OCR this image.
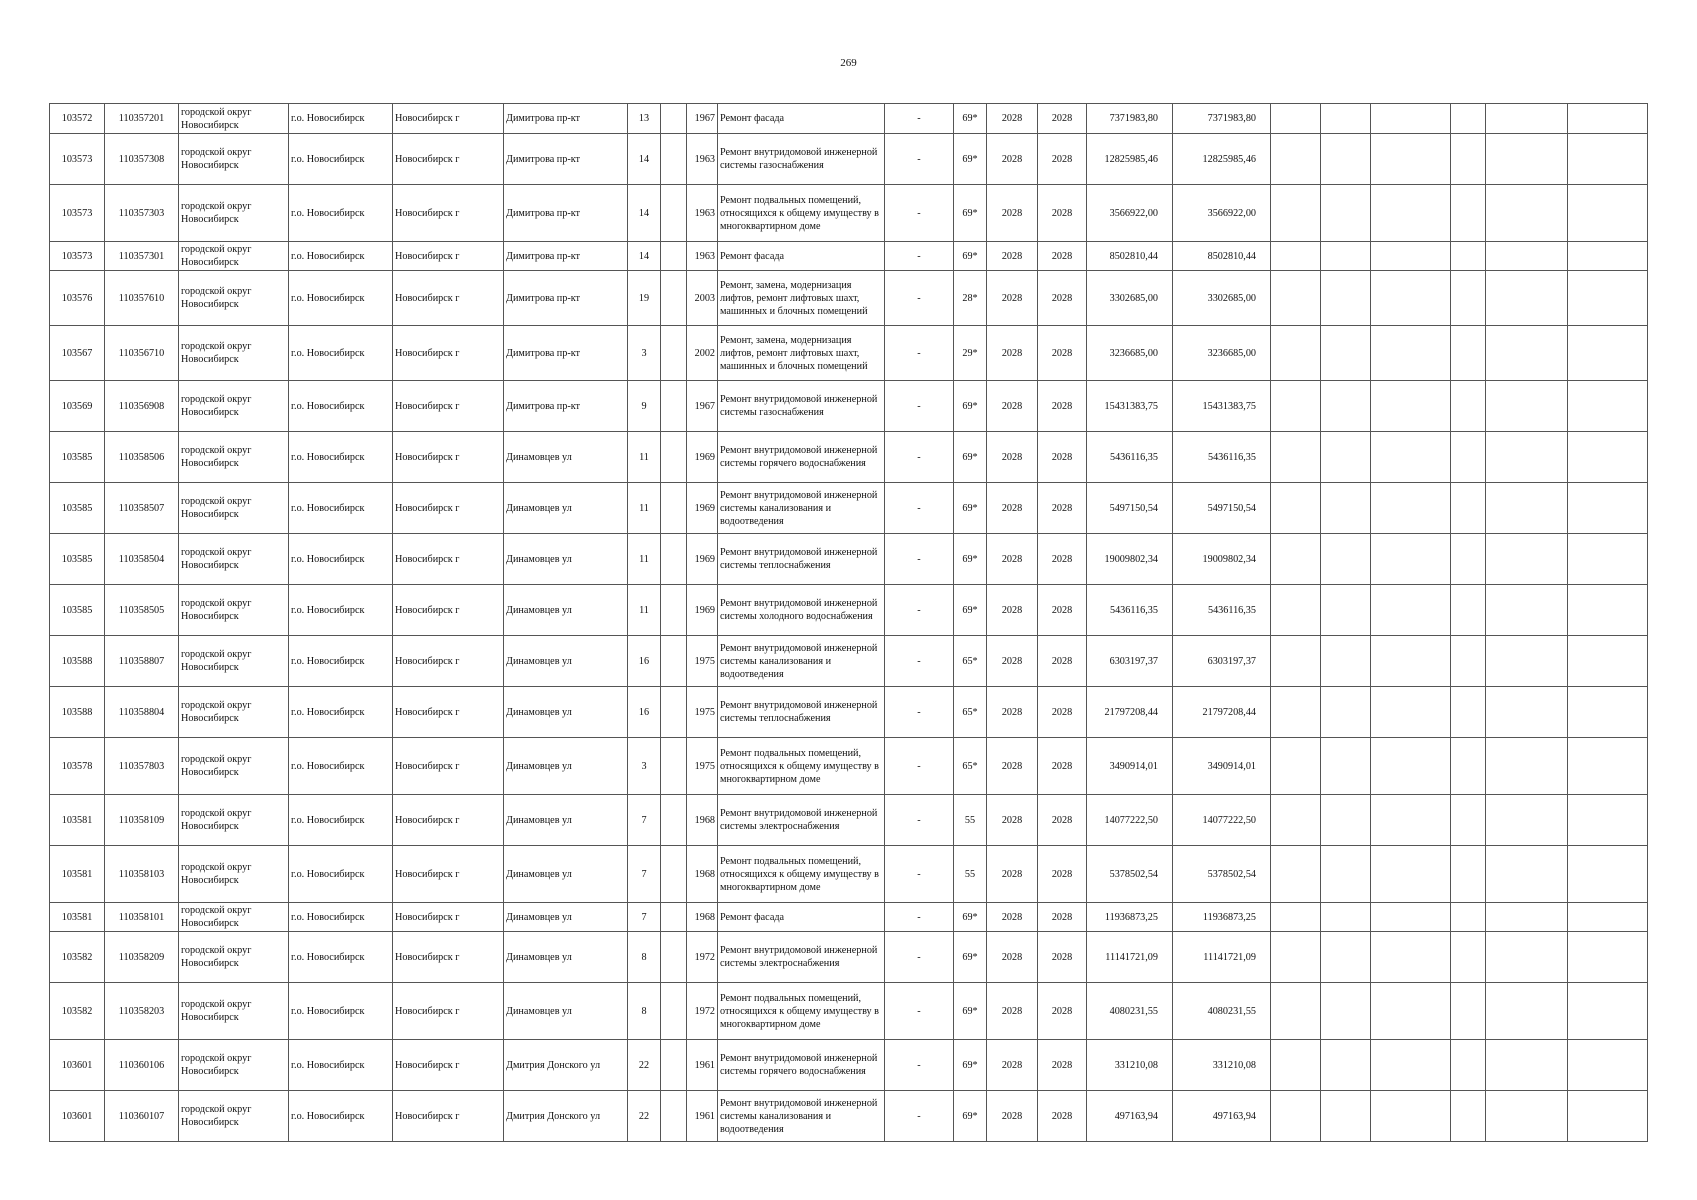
269
103572	110357201	городской округ Новосибирск	г.о. Новосибирск	Новосибирск г	Димитрова пр-кт	13		1967	Ремонт фасада	-	69*	2028	2028	7371983,80	7371983,80						
103573	110357308	городской округ Новосибирск	г.о. Новосибирск	Новосибирск г	Димитрова пр-кт	14		1963	Ремонт внутридомовой инженерной системы газоснабжения	-	69*	2028	2028	12825985,46	12825985,46						
103573	110357303	городской округ Новосибирск	г.о. Новосибирск	Новосибирск г	Димитрова пр-кт	14		1963	Ремонт подвальных помещений, относящихся к общему имуществу в многоквартирном доме	-	69*	2028	2028	3566922,00	3566922,00						
103573	110357301	городской округ Новосибирск	г.о. Новосибирск	Новосибирск г	Димитрова пр-кт	14		1963	Ремонт фасада	-	69*	2028	2028	8502810,44	8502810,44						
103576	110357610	городской округ Новосибирск	г.о. Новосибирск	Новосибирск г	Димитрова пр-кт	19		2003	Ремонт, замена, модернизация лифтов, ремонт лифтовых шахт, машинных и блочных помещений	-	28*	2028	2028	3302685,00	3302685,00						
103567	110356710	городской округ Новосибирск	г.о. Новосибирск	Новосибирск г	Димитрова пр-кт	3		2002	Ремонт, замена, модернизация лифтов, ремонт лифтовых шахт, машинных и блочных помещений	-	29*	2028	2028	3236685,00	3236685,00						
103569	110356908	городской округ Новосибирск	г.о. Новосибирск	Новосибирск г	Димитрова пр-кт	9		1967	Ремонт внутридомовой инженерной системы газоснабжения	-	69*	2028	2028	15431383,75	15431383,75						
103585	110358506	городской округ Новосибирск	г.о. Новосибирск	Новосибирск г	Динамовцев ул	11		1969	Ремонт внутридомовой инженерной системы горячего водоснабжения	-	69*	2028	2028	5436116,35	5436116,35						
103585	110358507	городской округ Новосибирск	г.о. Новосибирск	Новосибирск г	Динамовцев ул	11		1969	Ремонт внутридомовой инженерной системы канализования и водоотведения	-	69*	2028	2028	5497150,54	5497150,54						
103585	110358504	городской округ Новосибирск	г.о. Новосибирск	Новосибирск г	Динамовцев ул	11		1969	Ремонт внутридомовой инженерной системы теплоснабжения	-	69*	2028	2028	19009802,34	19009802,34						
103585	110358505	городской округ Новосибирск	г.о. Новосибирск	Новосибирск г	Динамовцев ул	11		1969	Ремонт внутридомовой инженерной системы холодного водоснабжения	-	69*	2028	2028	5436116,35	5436116,35						
103588	110358807	городской округ Новосибирск	г.о. Новосибирск	Новосибирск г	Динамовцев ул	16		1975	Ремонт внутридомовой инженерной системы канализования и водоотведения	-	65*	2028	2028	6303197,37	6303197,37						
103588	110358804	городской округ Новосибирск	г.о. Новосибирск	Новосибирск г	Динамовцев ул	16		1975	Ремонт внутридомовой инженерной системы теплоснабжения	-	65*	2028	2028	21797208,44	21797208,44						
103578	110357803	городской округ Новосибирск	г.о. Новосибирск	Новосибирск г	Динамовцев ул	3		1975	Ремонт подвальных помещений, относящихся к общему имуществу в многоквартирном доме	-	65*	2028	2028	3490914,01	3490914,01						
103581	110358109	городской округ Новосибирск	г.о. Новосибирск	Новосибирск г	Динамовцев ул	7		1968	Ремонт внутридомовой инженерной системы электроснабжения	-	55	2028	2028	14077222,50	14077222,50						
103581	110358103	городской округ Новосибирск	г.о. Новосибирск	Новосибирск г	Динамовцев ул	7		1968	Ремонт подвальных помещений, относящихся к общему имуществу в многоквартирном доме	-	55	2028	2028	5378502,54	5378502,54						
103581	110358101	городской округ Новосибирск	г.о. Новосибирск	Новосибирск г	Динамовцев ул	7		1968	Ремонт фасада	-	69*	2028	2028	11936873,25	11936873,25						
103582	110358209	городской округ Новосибирск	г.о. Новосибирск	Новосибирск г	Динамовцев ул	8		1972	Ремонт внутридомовой инженерной системы электроснабжения	-	69*	2028	2028	11141721,09	11141721,09						
103582	110358203	городской округ Новосибирск	г.о. Новосибирск	Новосибирск г	Динамовцев ул	8		1972	Ремонт подвальных помещений, относящихся к общему имуществу в многоквартирном доме	-	69*	2028	2028	4080231,55	4080231,55						
103601	110360106	городской округ Новосибирск	г.о. Новосибирск	Новосибирск г	Дмитрия Донского ул	22		1961	Ремонт внутридомовой инженерной системы горячего водоснабжения	-	69*	2028	2028	331210,08	331210,08						
103601	110360107	городской округ Новосибирск	г.о. Новосибирск	Новосибирск г	Дмитрия Донского ул	22		1961	Ремонт внутридомовой инженерной системы канализования и водоотведения	-	69*	2028	2028	497163,94	497163,94						
